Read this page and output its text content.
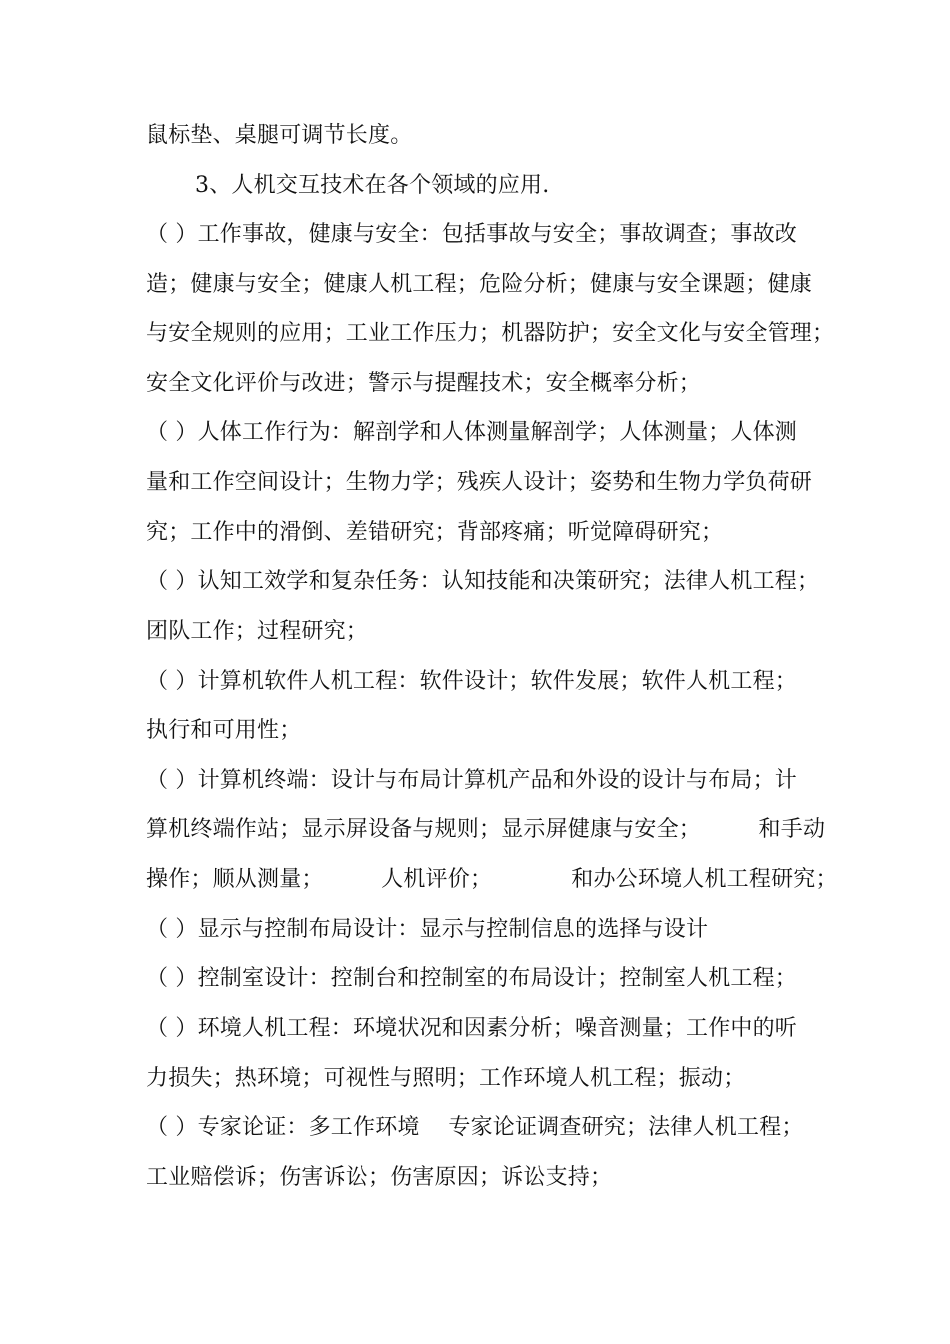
鼠标垫、桌腿可调节长度。
3、人机交互技术在各个领域的应用.
（ ）工作事故，健康与安全：包括事故与安全；事故调查；事故改
造；健康与安全；健康人机工程；危险分析；健康与安全课题；健康
与安全规则的应用；工业工作压力；机器防护；安全文化与安全管理；
安全文化评价与改进；警示与提醒技术；安全概率分析；
（ ）人体工作行为：解剖学和人体测量解剖学；人体测量；人体测
量和工作空间设计；生物力学；残疾人设计；姿势和生物力学负荷研
究；工作中的滑倒、差错研究；背部疼痛；听觉障碍研究；
（ ）认知工效学和复杂任务：认知技能和决策研究；法律人机工程；
团队工作；过程研究；
（ ）计算机软件人机工程：软件设计；软件发展；软件人机工程；
执行和可用性；
（ ）计算机终端：设计与布局计算机产品和外设的设计与布局；计
算机终端作站；显示屏设备与规则；显示屏健康与安全；        和手动
操作；顺从测量；        人机评价；           和办公环境人机工程研究；
（ ）显示与控制布局设计：显示与控制信息的选择与设计
（ ）控制室设计：控制台和控制室的布局设计；控制室人机工程；
（ ）环境人机工程：环境状况和因素分析；噪音测量；工作中的听
力损失；热环境；可视性与照明；工作环境人机工程；振动；
（ ）专家论证：多工作环境    专家论证调查研究；法律人机工程；
工业赔偿诉；伤害诉讼；伤害原因；诉讼支持；
